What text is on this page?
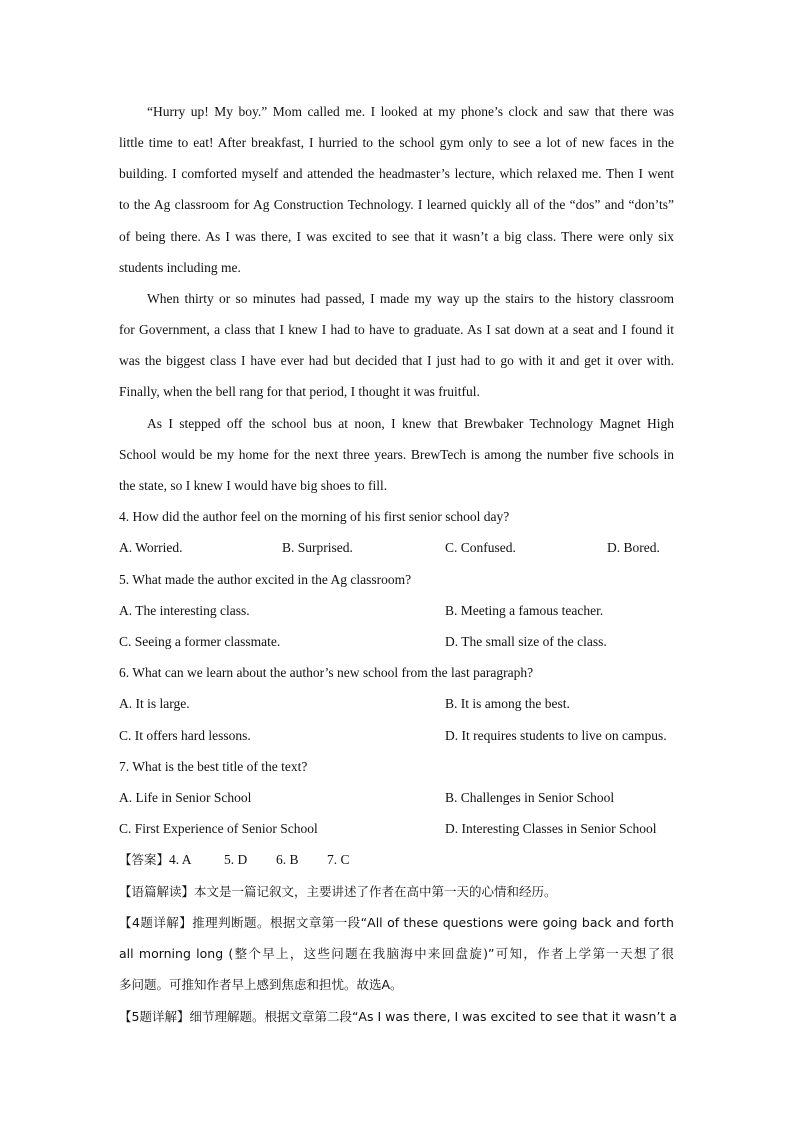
“Hurry up! My boy.” Mom called me. I looked at my phone’s clock and saw that there was
little time to eat! After breakfast, I hurried to the school gym only to see a lot of new faces in the
building. I comforted myself and attended the headmaster’s lecture, which relaxed me. Then I went
to the Ag classroom for Ag Construction Technology. I learned quickly all of the “dos” and “don’ts”
of being there. As I was there, I was excited to see that it wasn’t a big class. There were only six
students including me.
When thirty or so minutes had passed, I made my way up the stairs to the history classroom
for Government, a class that I knew I had to have to graduate. As I sat down at a seat and I found it
was the biggest class I have ever had but decided that I just had to go with it and get it over with.
Finally, when the bell rang for that period, I thought it was fruitful.
As I stepped off the school bus at noon, I knew that Brewbaker Technology Magnet High
School would be my home for the next three years. BrewTech is among the number five schools in
the state, so I knew I would have big shoes to fill.
4. How did the author feel on the morning of his first senior school day?
A. Worried.	B. Surprised.	C. Confused.	D. Bored.
5. What made the author excited in the Ag classroom?
A. The interesting class.	B. Meeting a famous teacher.
C. Seeing a former classmate.	D. The small size of the class.
6. What can we learn about the author’s new school from the last paragraph?
A. It is large.	B. It is among the best.
C. It offers hard lessons.	D. It requires students to live on campus.
7. What is the best title of the text?
A. Life in Senior School	B. Challenges in Senior School
C. First Experience of Senior School	D. Interesting Classes in Senior School
【答案】4. A 5. D 6. B 7. C
【语篇解读】本文是一篇记叙文，主要讲述了作者在高中第一天的心情和经历。
【4题详解】推理判断题。根据文章第一段“All of these questions were going back and forth
all morning long (整个早上，这些问题在我脑海中来回盘旋)”可知，作者上学第一天想了很
多问题。可推知作者早上感到焦虑和担忧。故选A。
【5题详解】细节理解题。根据文章第二段“As I was there, I was excited to see that it wasn’t a
